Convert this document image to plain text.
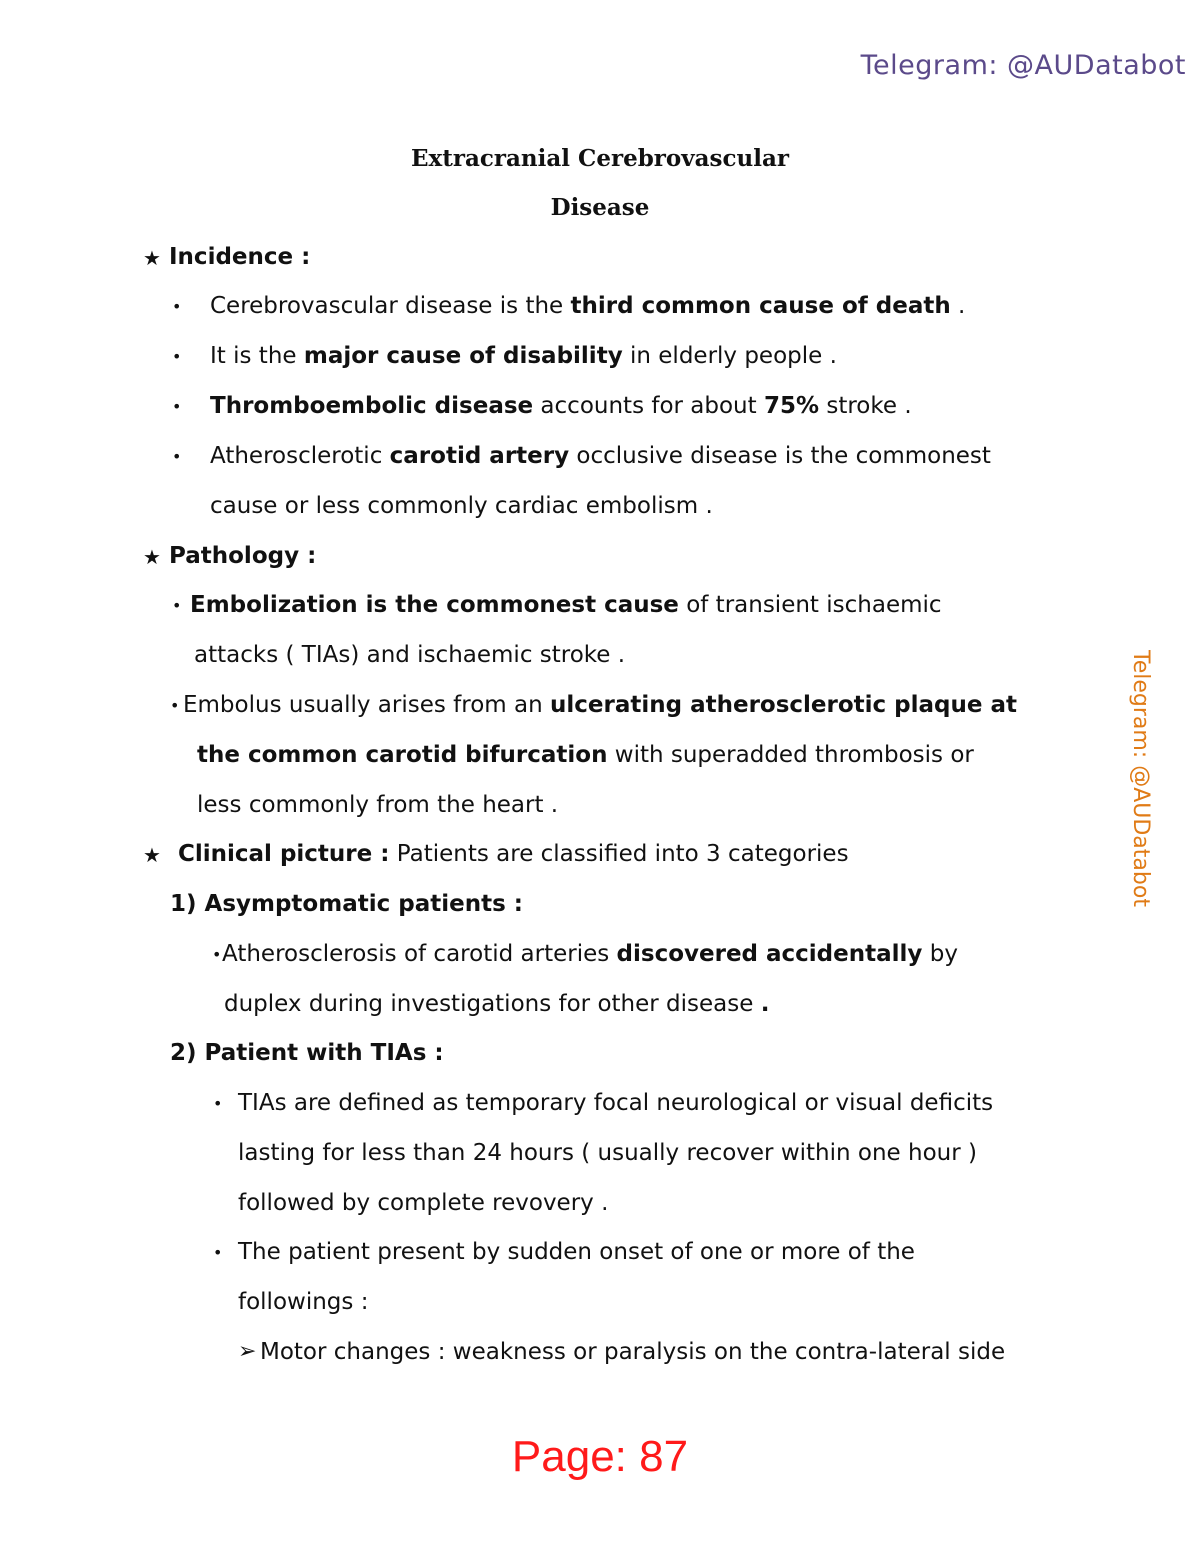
Telegram: @AUDatabot
Telegram: @AUDatabot
Extracranial Cerebrovascular
Disease
★ Incidence :
• Cerebrovascular disease is the third common cause of death .
• It is the major cause of disability in elderly people .
• Thromboembolic disease accounts for about 75% stroke .
• Atherosclerotic carotid artery occlusive disease is the commonest
cause or less commonly cardiac embolism .
★ Pathology :
• Embolization is the commonest cause of transient ischaemic
attacks ( TIAs) and ischaemic stroke .
• Embolus usually arises from an ulcerating atherosclerotic plaque at
the common carotid bifurcation with superadded thrombosis or
less commonly from the heart .
★ Clinical picture : Patients are classified into 3 categories
1) Asymptomatic patients :
• Atherosclerosis of carotid arteries discovered accidentally by
duplex during investigations for other disease .
2) Patient with TIAs :
• TIAs are defined as temporary focal neurological or visual deficits
lasting for less than 24 hours ( usually recover within one hour )
followed by complete revovery .
• The patient present by sudden onset of one or more of the
followings :
➢ Motor changes : weakness or paralysis on the contra-lateral side
Page: 87
